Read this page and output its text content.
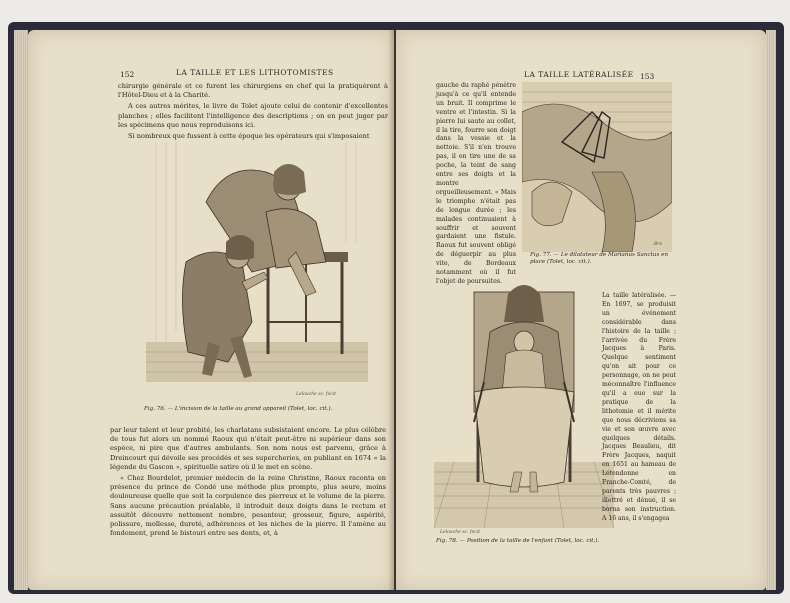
152	LA TAILLE ET LES LITHOTOMISTES

chirurgie générale et ce furent les chirurgiens en chef qui la pratiquèrent à l'Hôtel-Dieu et à la Charité.

A ces autres mérites, le livre de Tolet ajoute celui de contenir d'excellentes planches ; elles facilitent l'intelligence des descriptions ; on en peut juger par les spécimens que nous reproduisons ici.

Si nombreux que fussent à cette époque les opérateurs qui s'imposaient

Lelouche sc. fecit
Fig. 76. — L'incision de la taille au grand appareil (Tolet, loc. cit.).

par leur talent et leur probité, les charlatans subsistaient encore. Le plus célèbre de tous fut alors un nommé Raoux qui n'était peut-être ni supérieur dans son espèce, ni pire que d'autres ambulants. Son nom nous est parvenu, grâce à Dreincourt qui dévoile ses procédés et ses supercheries, en publiant en 1674 « la légende du Gascon », spirituelle satire où il le met en scène.

« Chez Bourdelot, premier médecin de la reine Christine, Raoux raconta en présence du prince de Condé une méthode plus prompte, plus seure, moins douloureuse quelle que soit la corpulence des pierreux et le volume de la pierre. Sans aucune précaution préalable, il introduit deux doigts dans le rectum et assuitôt découvre nettement nombre, pesanteur, grosseur, figure, aspérité, polissure, mollesse, dureté, adhérences et les niches de la pierre. Il l'amène au fondement, prend le bistouri entre ses dents, et, à

LA TAILLE LATÉRALISÉE 153
gauche du raphé pénètre jusqu'à ce qu'il entende un bruit. Il comprime le ventre et l'intestin. Si la pierre lui saute au collet, il la tire, fourre son doigt dans la vessie et la nettoie. S'il n'en trouve pas, il en tire une de sa poche, la teint de sang entre ses doigts et la montre orgueilleusement. « Mais le triomphe n'était pas de longue durée ; les malades continuaient à souffrir et souvent gardaient une fistule. Raoux fut souvent obligé de déguerpir au plus vite, de Bordeaux notamment où il fut l'objet de poursuites.
Bre
Fig. 77. — Le dilatateur de Marianus Sanctus en place (Tolet, loc. cit.).
Lelouche sc. fecit
Fig. 78. — Position de la taille de l'enfant (Tolet, loc. cit.).
La taille latéralisée. — En 1697, se produisit un événement considérable dans l'histoire de la taille ; l'arrivée du Frère Jacques à Paris. Quelque sentiment qu'on ait pour ce personnage, on ne peut méconnaître l'influence qu'il a eue sur la pratique de la lithotomie et il mérite que nous décrivions sa vie et son œuvre avec quelques détails. Jacques Beaulieu, dit Frère Jacques, naquit en 1651 au hameau de Létendonne en Franche-Comté, de parents très pauvres ; illettré et dénué, il se borna son instruction. A 16 ans, il s'engagea
